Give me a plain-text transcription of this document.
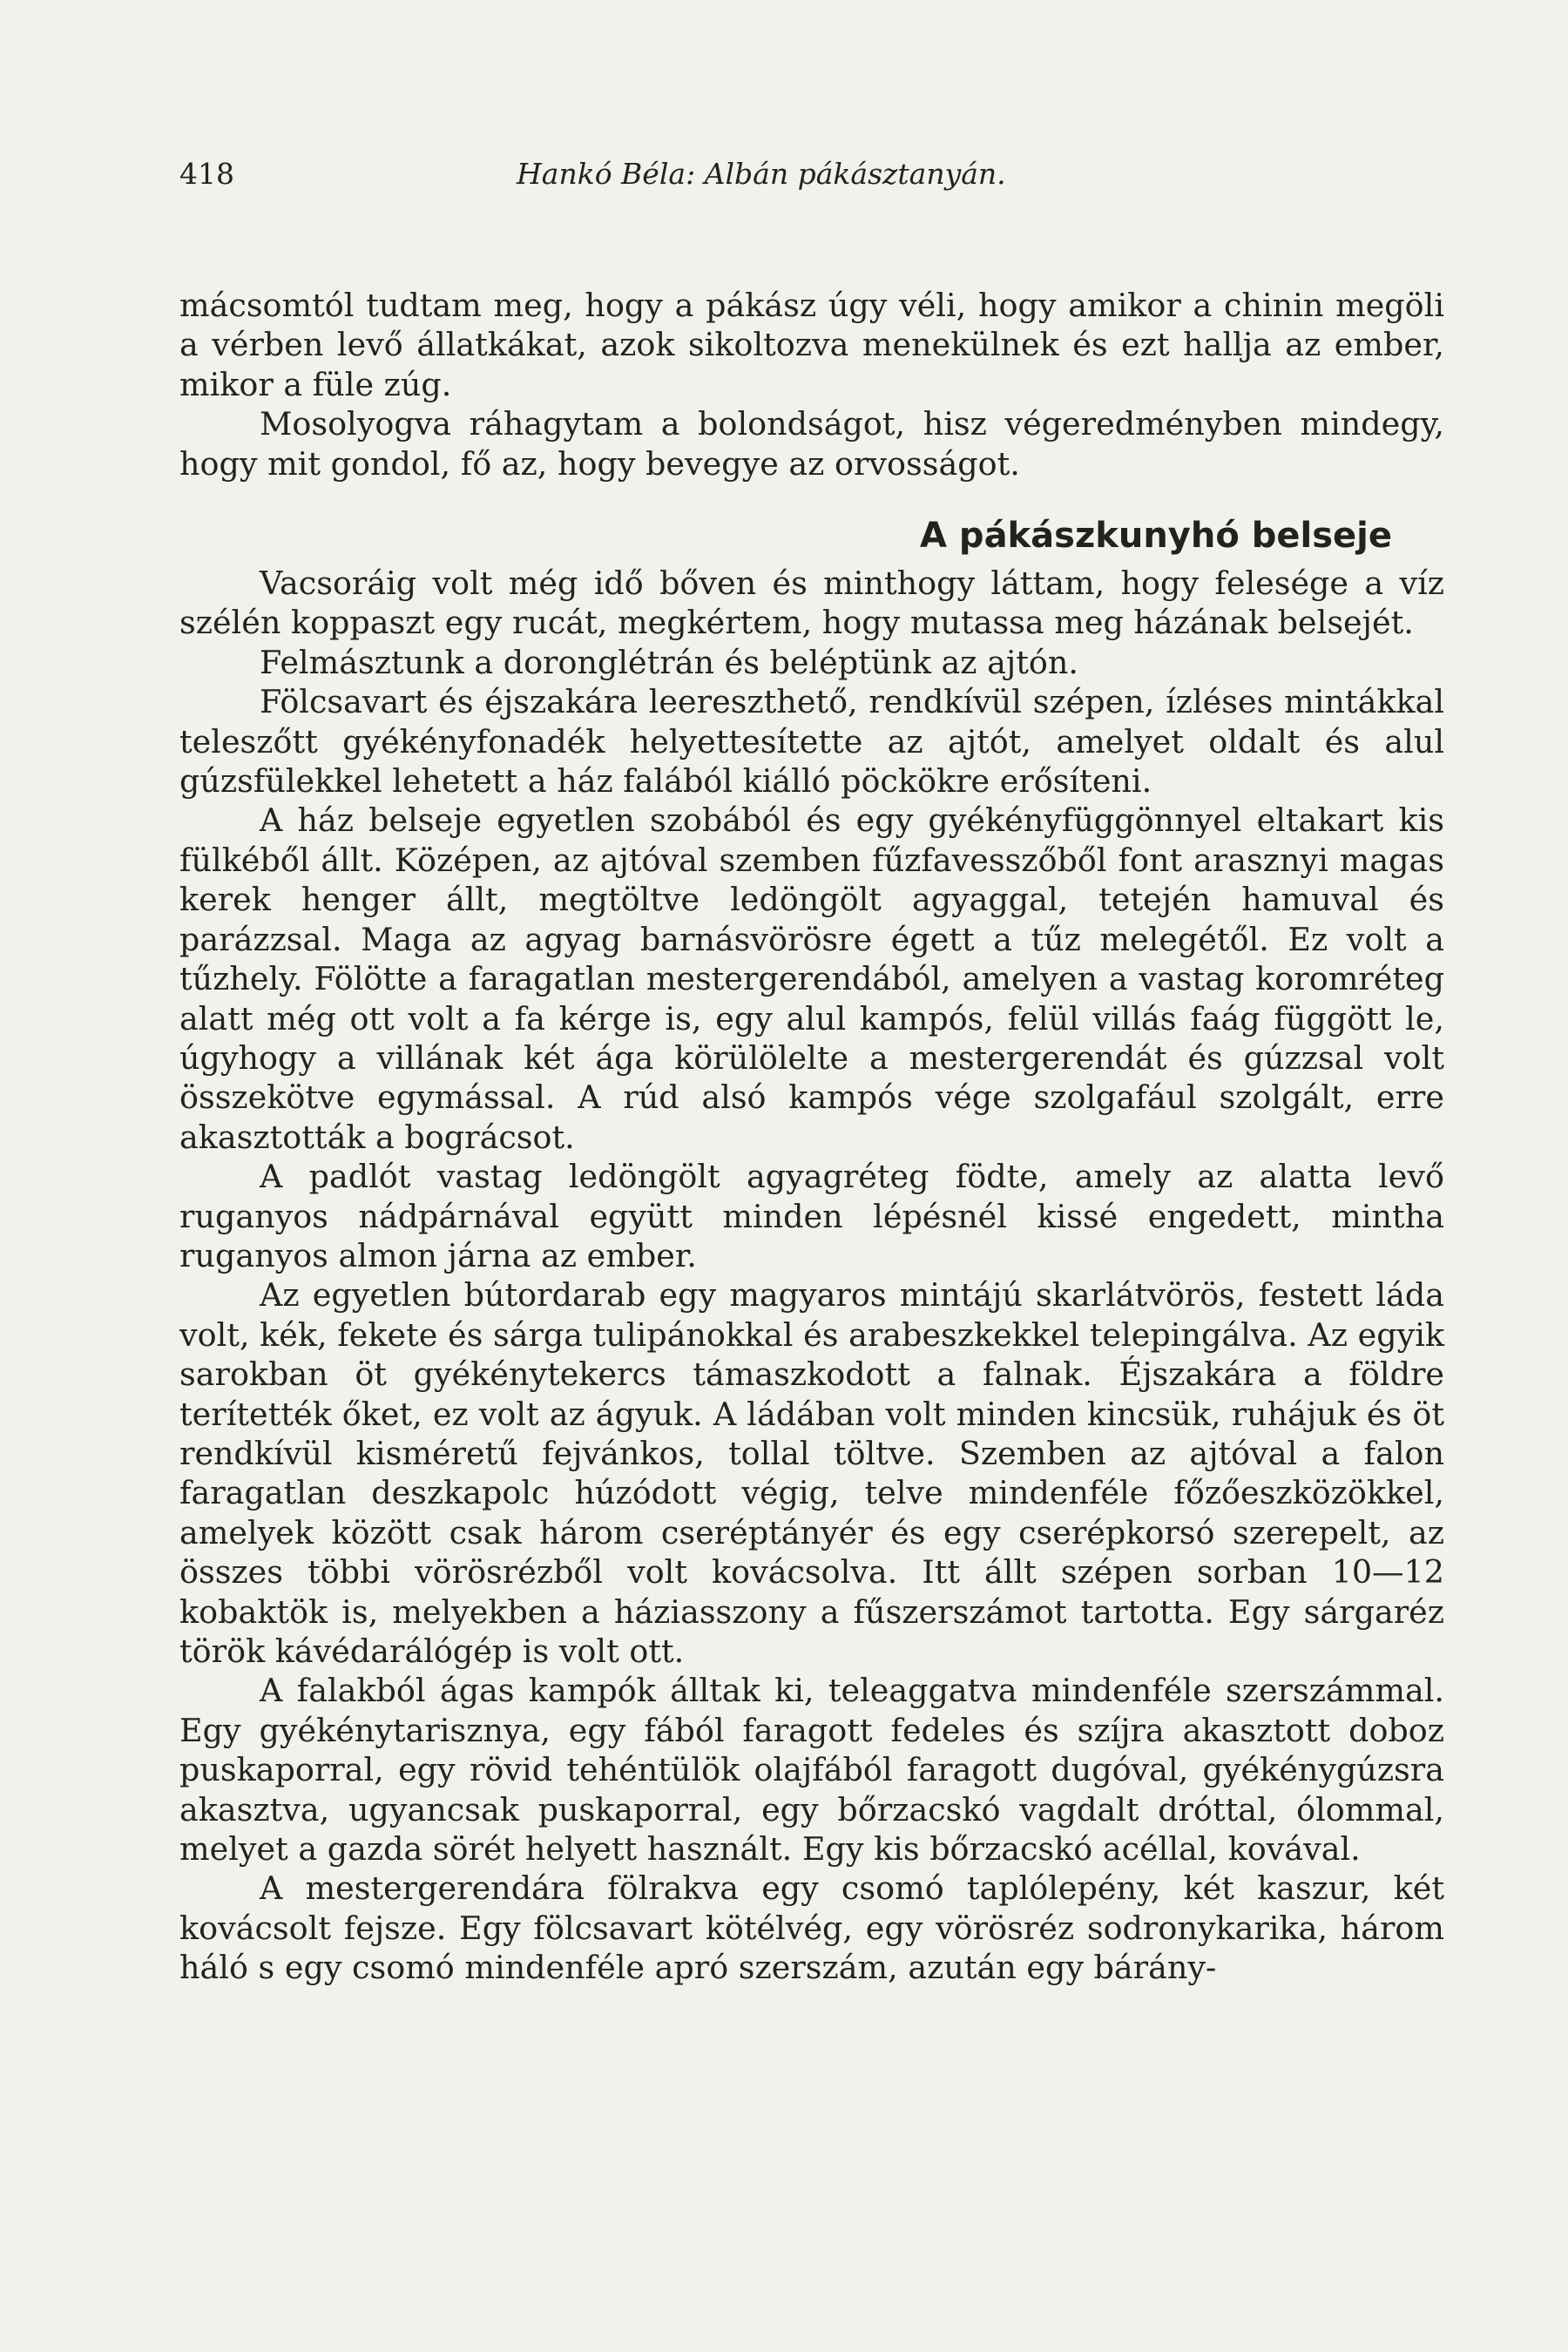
418	Hankó Béla: Albán pákásztanyán.

mácsomtól tudtam meg, hogy a pákász úgy véli, hogy amikor a chinin megöli a vérben levő állatkákat, azok sikoltozva menekülnek és ezt hallja az ember, mikor a füle zúg.

Mosolyogva ráhagytam a bolondságot, hisz végeredményben mindegy, hogy mit gondol, fő az, hogy bevegye az orvosságot.

A pákászkunyhó belseje

Vacsoráig volt még idő bőven és minthogy láttam, hogy felesége a víz szélén koppaszt egy rucát, megkértem, hogy mutassa meg házának belsejét.

Felmásztunk a doronglétrán és beléptünk az ajtón.

Fölcsavart és éjszakára leereszthető, rendkívül szépen, ízléses mintákkal teleszőtt gyékényfonadék helyettesítette az ajtót, amelyet oldalt és alul gúzsfülekkel lehetett a ház falából kiálló pöckökre erősíteni.

A ház belseje egyetlen szobából és egy gyékényfüggönnyel eltakart kis fülkéből állt. Középen, az ajtóval szemben fűzfavesszőből font arasznyi magas kerek henger állt, megtöltve ledöngölt agyaggal, tetején hamuval és parázzsal. Maga az agyag barnásvörösre égett a tűz melegétől. Ez volt a tűzhely. Fölötte a faragatlan mestergerendából, amelyen a vastag koromréteg alatt még ott volt a fa kérge is, egy alul kampós, felül villás faág függött le, úgyhogy a villának két ága körülölelte a mestergerendát és gúzzsal volt összekötve egymással. A rúd alsó kampós vége szolgafául szolgált, erre akasztották a bográcsot.

A padlót vastag ledöngölt agyagréteg födte, amely az alatta levő ruganyos nádpárnával együtt minden lépésnél kissé engedett, mintha ruganyos almon járna az ember.

Az egyetlen bútordarab egy magyaros mintájú skarlátvörös, festett láda volt, kék, fekete és sárga tulipánokkal és arabeszkekkel telepingálva. Az egyik sarokban öt gyékénytekercs támaszkodott a falnak. Éjszakára a földre terítették őket, ez volt az ágyuk. A ládában volt minden kincsük, ruhájuk és öt rendkívül kisméretű fejvánkos, tollal töltve. Szemben az ajtóval a falon faragatlan deszkapolc húzódott végig, telve mindenféle főzőeszközökkel, amelyek között csak három cseréptányér és egy cserépkorsó szerepelt, az összes többi vörösrézből volt kovácsolva. Itt állt szépen sorban 10—12 kobaktök is, melyekben a háziasszony a fűszerszámot tartotta. Egy sárgaréz török kávédarálógép is volt ott.

A falakból ágas kampók álltak ki, teleaggatva mindenféle szerszámmal. Egy gyékénytarisznya, egy fából faragott fedeles és szíjra akasztott doboz puskaporral, egy rövid tehéntülök olajfából faragott dugóval, gyékénygúzsra akasztva, ugyancsak puskaporral, egy bőrzacskó vagdalt dróttal, ólommal, melyet a gazda sörét helyett használt. Egy kis bőrzacskó acéllal, kovával.

A mestergerendára fölrakva egy csomó taplólepény, két kaszur, két kovácsolt fejsze. Egy fölcsavart kötélvég, egy vörösréz sodronykarika, három háló s egy csomó mindenféle apró szerszám, azután egy bárány-
